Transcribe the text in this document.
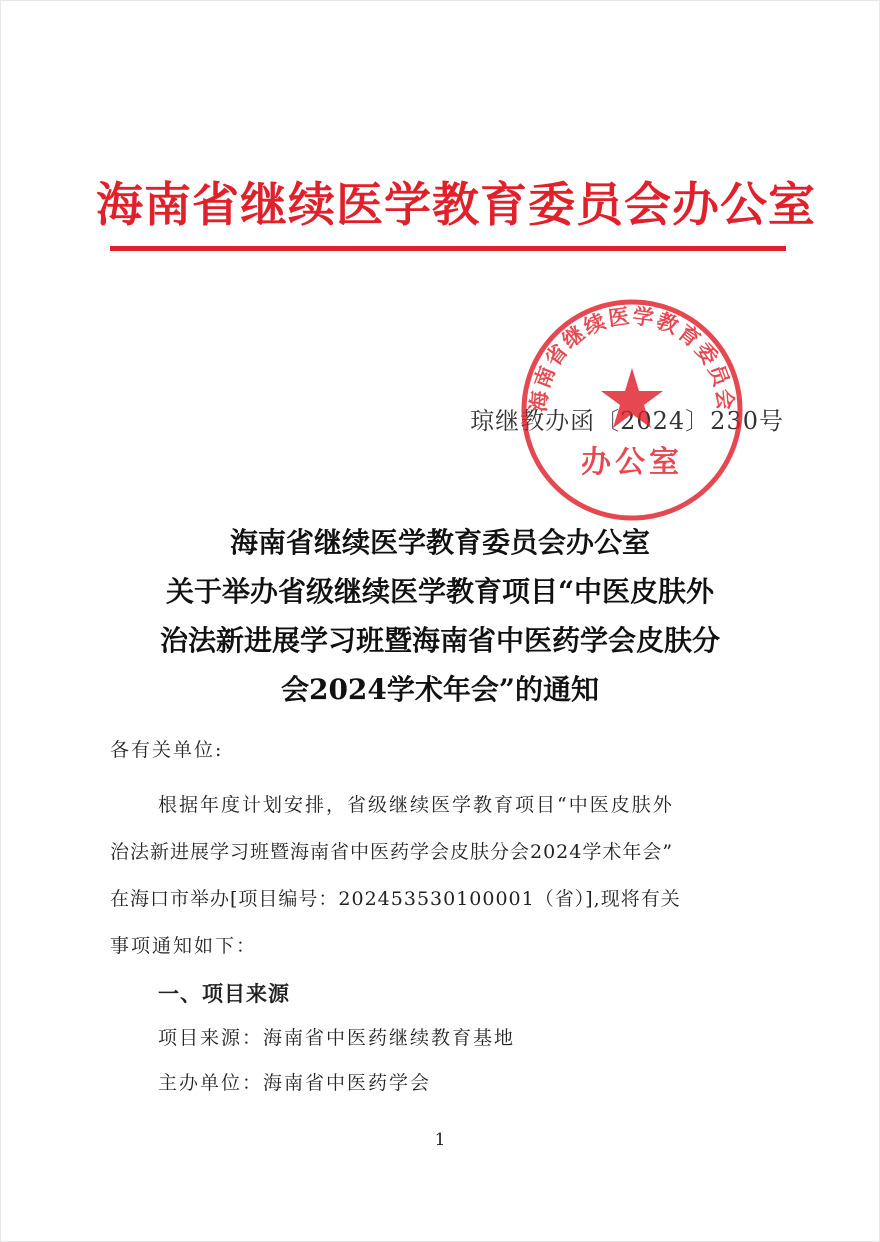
海南省继续医学教育委员会办公室
琼继教办函〔2024〕230号
海南省继续医学教育委员会
办公室
海南省继续医学教育委员会办公室
关于举办省级继续医学教育项目“中医皮肤外
治法新进展学习班暨海南省中医药学会皮肤分
会2024学术年会”的通知
各有关单位:
根据年度计划安排，省级继续医学教育项目“中医皮肤外
治法新进展学习班暨海南省中医药学会皮肤分会2024学术年会”
在海口市举办[项目编号：202453530100001（省）],现将有关
事项通知如下：
一、项目来源
项目来源：海南省中医药继续教育基地
主办单位：海南省中医药学会
1
